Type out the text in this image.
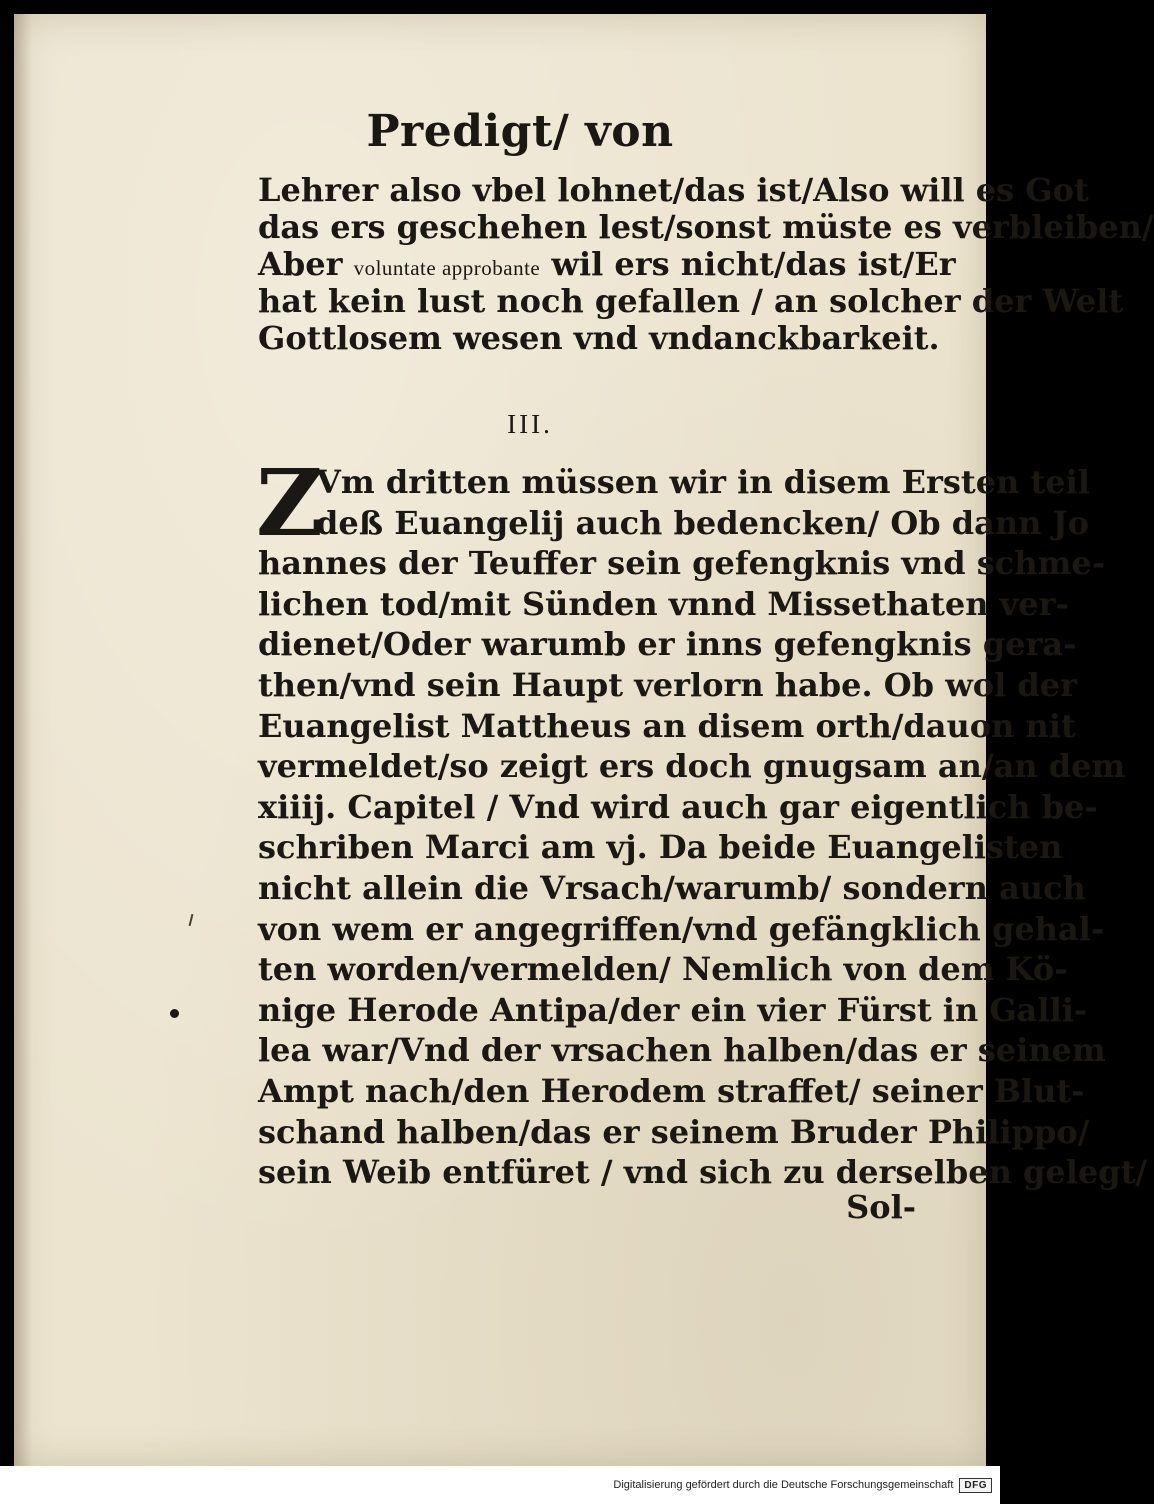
Predigt/ von
Lehrer also vbel lohnet/das ist/Also will es Got
das ers geschehen lest/sonst müste es verbleiben/
Aber voluntate approbante wil ers nicht/das ist/Er
hat kein lust noch gefallen / an solcher der Welt
Gottlosem wesen vnd vndanckbarkeit.
III.
Z
Vm dritten müssen wir in disem Ersten teil
deß Euangelij auch bedencken/ Ob dann Jo
hannes der Teuffer sein gefengknis vnd schme-
lichen tod/mit Sünden vnnd Missethaten ver-
dienet/Oder warumb er inns gefengknis gera-
then/vnd sein Haupt verlorn habe. Ob wol der
Euangelist Mattheus an disem orth/dauon nit
vermeldet/so zeigt ers doch gnugsam an/an dem
xiiij. Capitel / Vnd wird auch gar eigentlich be-
schriben Marci am vj. Da beide Euangelisten
nicht allein die Vrsach/warumb/ sondern auch
von wem er angegriffen/vnd gefängklich gehal-
ten worden/vermelden/ Nemlich von dem Kö-
nige Herode Antipa/der ein vier Fürst in Galli-
lea war/Vnd der vrsachen halben/das er seinem
Ampt nach/den Herodem straffet/ seiner Blut-
schand halben/das er seinem Bruder Philippo/
sein Weib entfüret / vnd sich zu derselben gelegt/
Sol-
Digitalisierung gefördert durch die Deutsche Forschungsgemeinschaft	DFG
